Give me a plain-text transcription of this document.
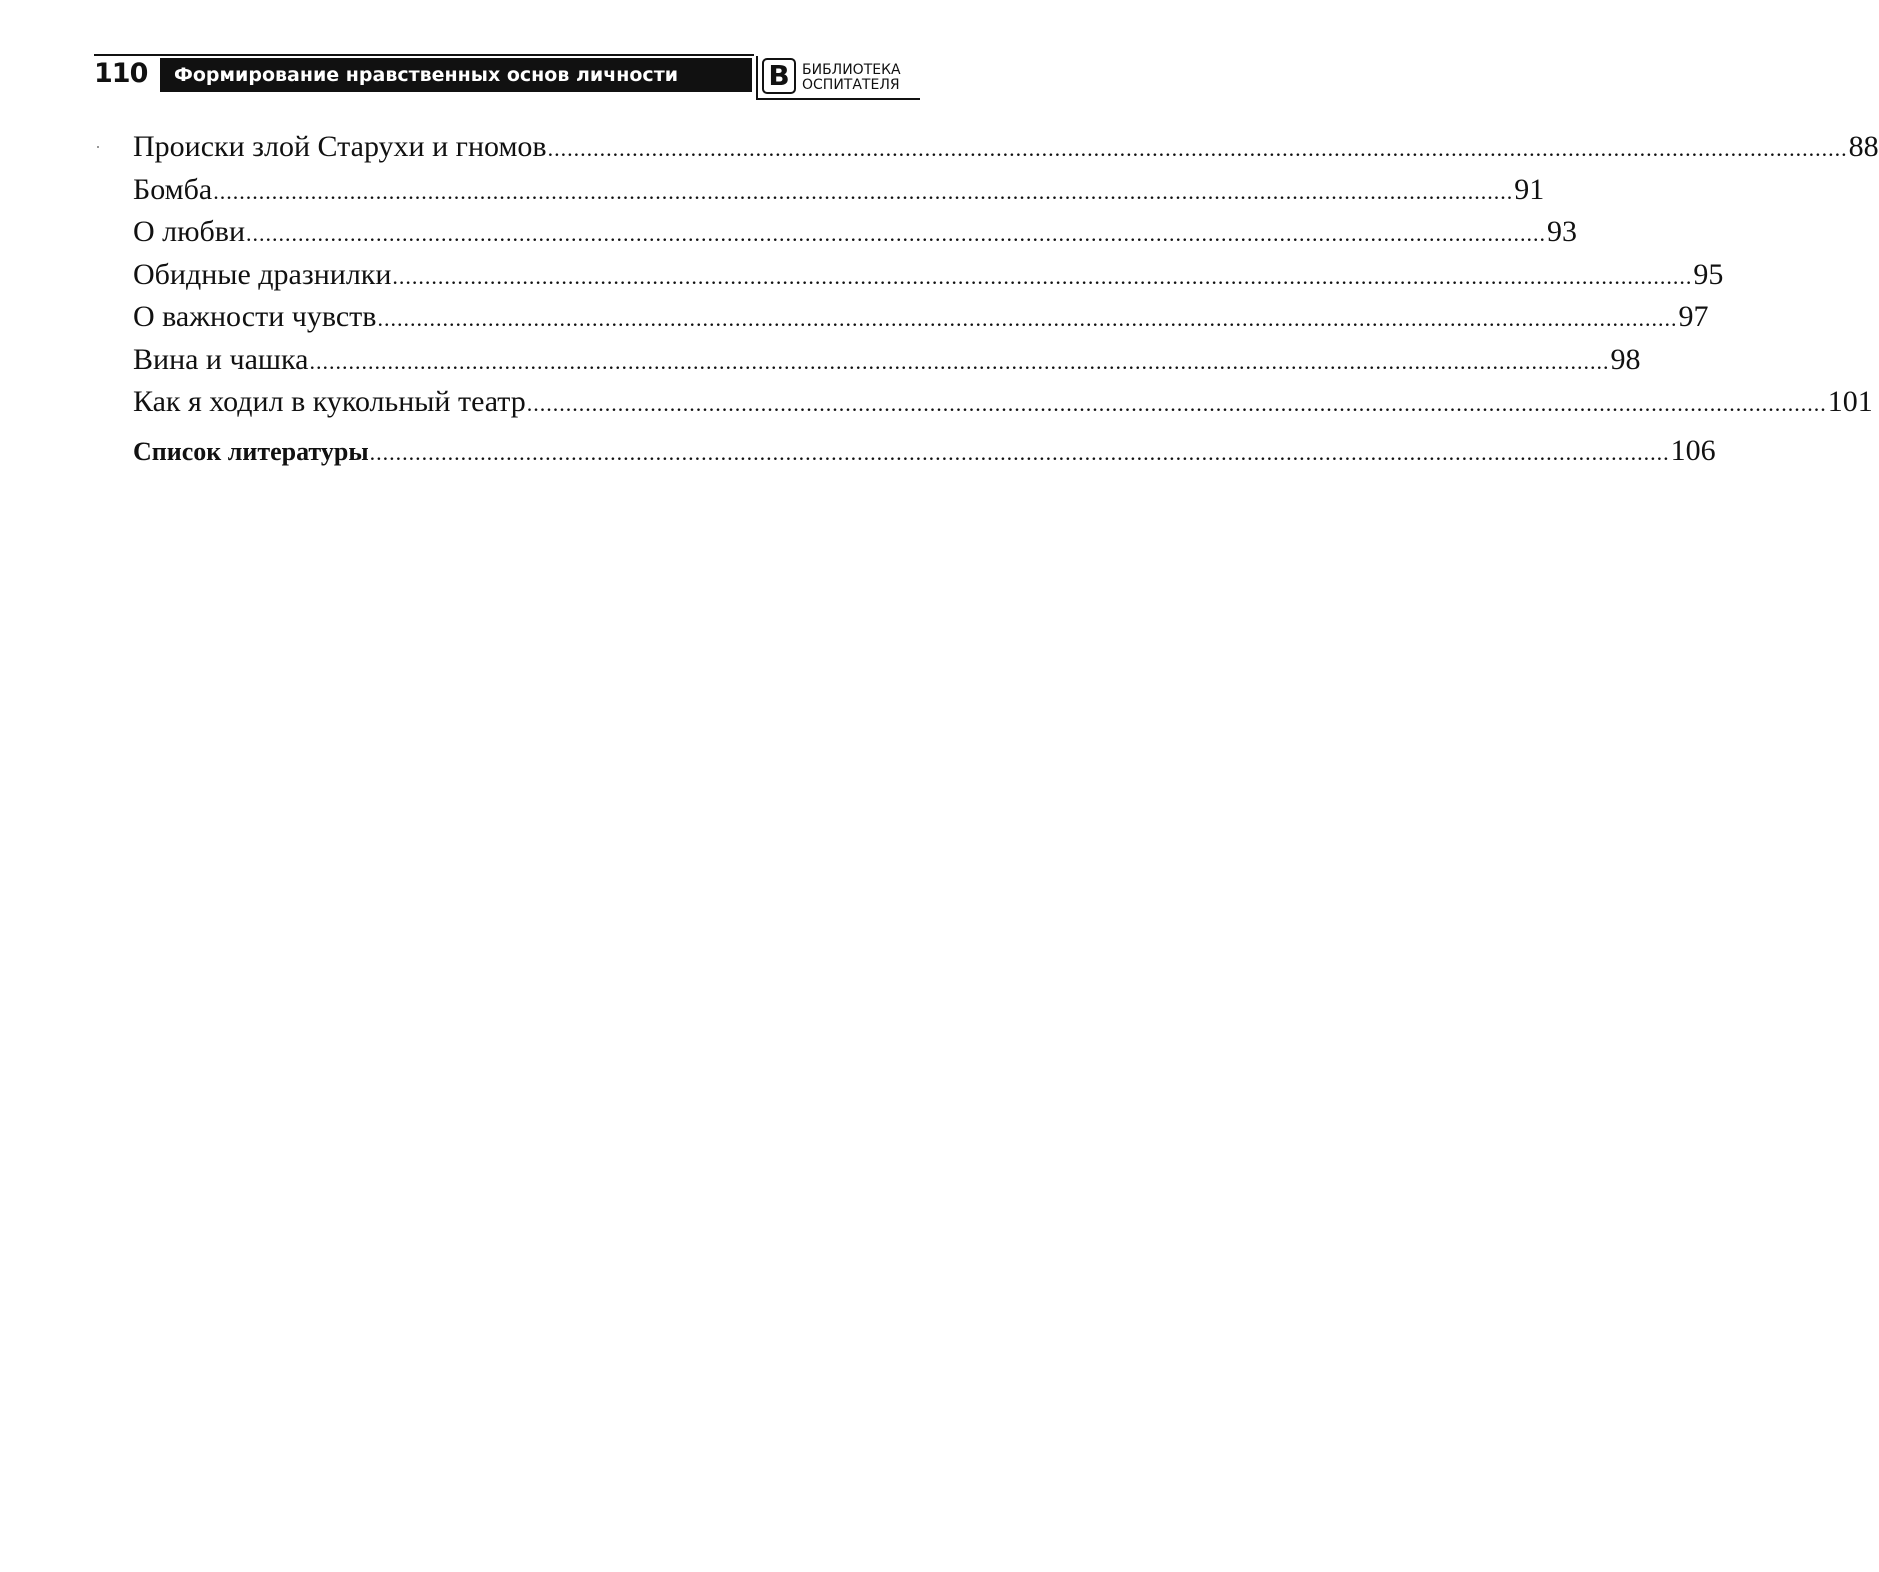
110	Формирование нравственных основ личности	В БИБЛИОТЕКА
ОСПИТАТЕЛЯ
Происки злой Старухи и гномов ........................................................................................................................................................................................................ 88
Бомба ........................................................................................................................................................................................................ 91
О любви ........................................................................................................................................................................................................ 93
Обидные дразнилки ........................................................................................................................................................................................................ 95
О важности чувств ........................................................................................................................................................................................................ 97
Вина и чашка ........................................................................................................................................................................................................ 98
Как я ходил в кукольный театр ........................................................................................................................................................................................................ 101
Список литературы ........................................................................................................................................................................................................ 106
